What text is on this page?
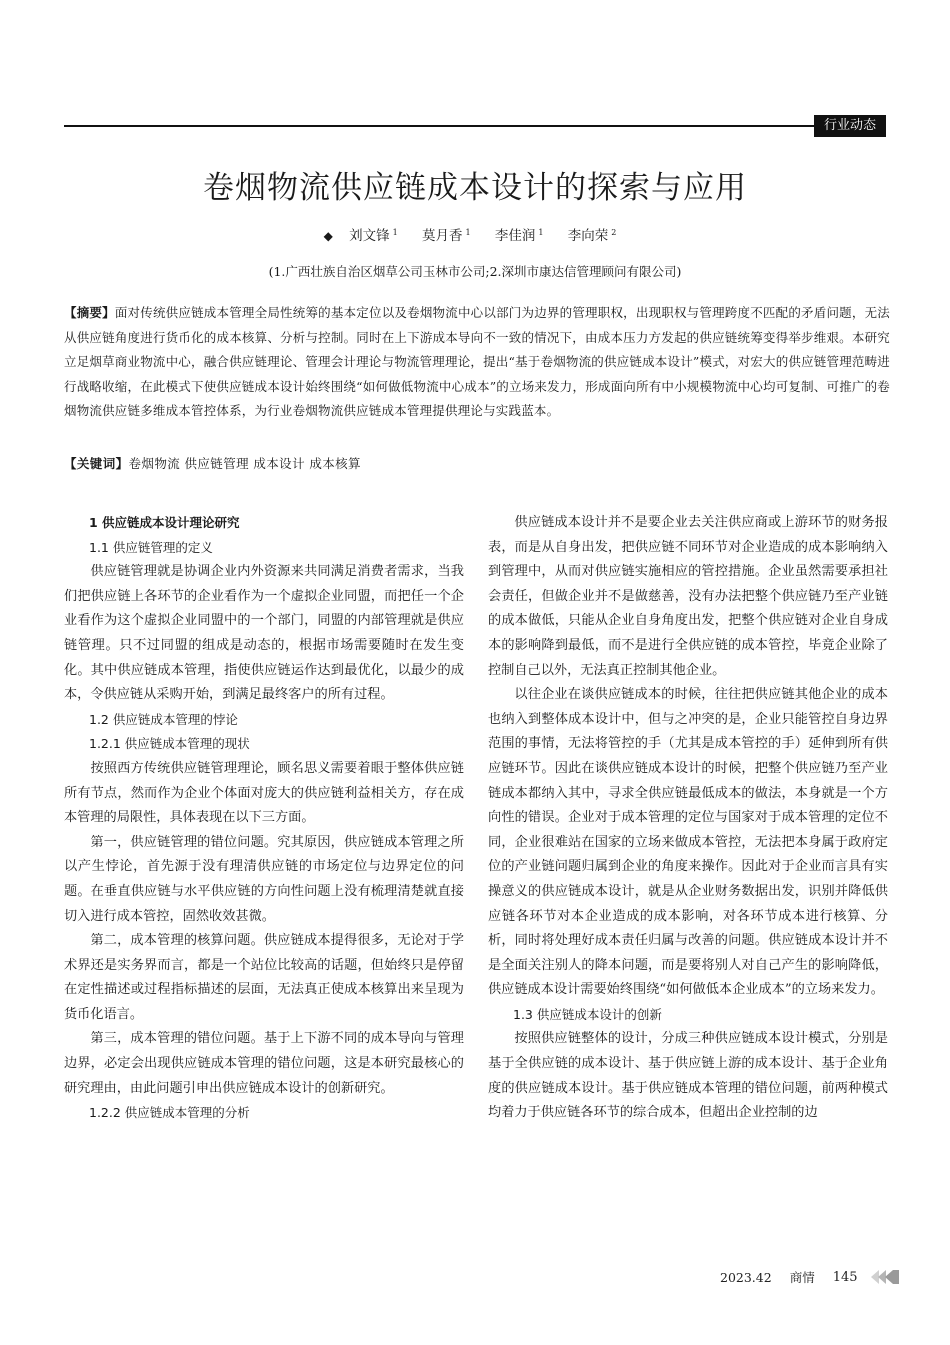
行业动态
卷烟物流供应链成本设计的探索与应用
◆ 刘文锋 $^1$ 莫月香 $^1$ 李佳润 $^1$ 李向荣 $^2$
(1.广西壮族自治区烟草公司玉林市公司;2.深圳市康达信管理顾问有限公司)
【摘要】面对传统供应链成本管理全局性统筹的基本定位以及卷烟物流中心以部门为边界的管理职权，出现职权与管理跨度不匹配的矛盾问题，无法从供应链角度进行货币化的成本核算、分析与控制。同时在上下游成本导向不一致的情况下，由成本压力方发起的供应链统筹变得举步维艰。本研究立足烟草商业物流中心，融合供应链理论、管理会计理论与物流管理理论，提出“基于卷烟物流的供应链成本设计”模式，对宏大的供应链管理范畴进行战略收缩，在此模式下使供应链成本设计始终围绕“如何做低物流中心成本”的立场来发力，形成面向所有中小规模物流中心均可复制、可推广的卷烟物流供应链多维成本管控体系，为行业卷烟物流供应链成本管理提供理论与实践蓝本。
【关键词】卷烟物流 供应链管理 成本设计 成本核算

1 供应链成本设计理论研究

1.1 供应链管理的定义

供应链管理就是协调企业内外资源来共同满足消费者需求，当我们把供应链上各环节的企业看作为一个虚拟企业同盟，而把任一个企业看作为这个虚拟企业同盟中的一个部门，同盟的内部管理就是供应链管理。只不过同盟的组成是动态的，根据市场需要随时在发生变化。其中供应链成本管理，指使供应链运作达到最优化，以最少的成本，令供应链从采购开始，到满足最终客户的所有过程。

1.2 供应链成本管理的悖论

1.2.1 供应链成本管理的现状

按照西方传统供应链管理理论，顾名思义需要着眼于整体供应链所有节点，然而作为企业个体面对庞大的供应链利益相关方，存在成本管理的局限性，具体表现在以下三方面。

第一，供应链管理的错位问题。究其原因，供应链成本管理之所以产生悖论，首先源于没有理清供应链的市场定位与边界定位的问题。在垂直供应链与水平供应链的方向性问题上没有梳理清楚就直接切入进行成本管控，固然收效甚微。

第二，成本管理的核算问题。供应链成本提得很多，无论对于学术界还是实务界而言，都是一个站位比较高的话题，但始终只是停留在定性描述或过程指标描述的层面，无法真正使成本核算出来呈现为货币化语言。

第三，成本管理的错位问题。基于上下游不同的成本导向与管理边界，必定会出现供应链成本管理的错位问题，这是本研究最核心的研究理由，由此问题引申出供应链成本设计的创新研究。

1.2.2 供应链成本管理的分析

供应链成本设计并不是要企业去关注供应商或上游环节的财务报表，而是从自身出发，把供应链不同环节对企业造成的成本影响纳入到管理中，从而对供应链实施相应的管控措施。企业虽然需要承担社会责任，但做企业并不是做慈善，没有办法把整个供应链乃至产业链的成本做低，只能从企业自身角度出发，把整个供应链对企业自身成本的影响降到最低，而不是进行全供应链的成本管控，毕竟企业除了控制自己以外，无法真正控制其他企业。

以往企业在谈供应链成本的时候，往往把供应链其他企业的成本也纳入到整体成本设计中，但与之冲突的是，企业只能管控自身边界范围的事情，无法将管控的手（尤其是成本管控的手）延伸到所有供应链环节。因此在谈供应链成本设计的时候，把整个供应链乃至产业链成本都纳入其中，寻求全供应链最低成本的做法，本身就是一个方向性的错误。企业对于成本管理的定位与国家对于成本管理的定位不同，企业很难站在国家的立场来做成本管控，无法把本身属于政府定位的产业链问题归属到企业的角度来操作。因此对于企业而言具有实操意义的供应链成本设计，就是从企业财务数据出发，识别并降低供应链各环节对本企业造成的成本影响，对各环节成本进行核算、分析，同时将处理好成本责任归属与改善的问题。供应链成本设计并不是全面关注别人的降本问题，而是要将别人对自己产生的影响降低，供应链成本设计需要始终围绕“如何做低本企业成本”的立场来发力。

1.3 供应链成本设计的创新

按照供应链整体的设计，分成三种供应链成本设计模式，分别是基于全供应链的成本设计、基于供应链上游的成本设计、基于企业角度的供应链成本设计。基于供应链成本管理的错位问题，前两种模式均着力于供应链各环节的综合成本，但超出企业控制的边

2023.42 商情 145
